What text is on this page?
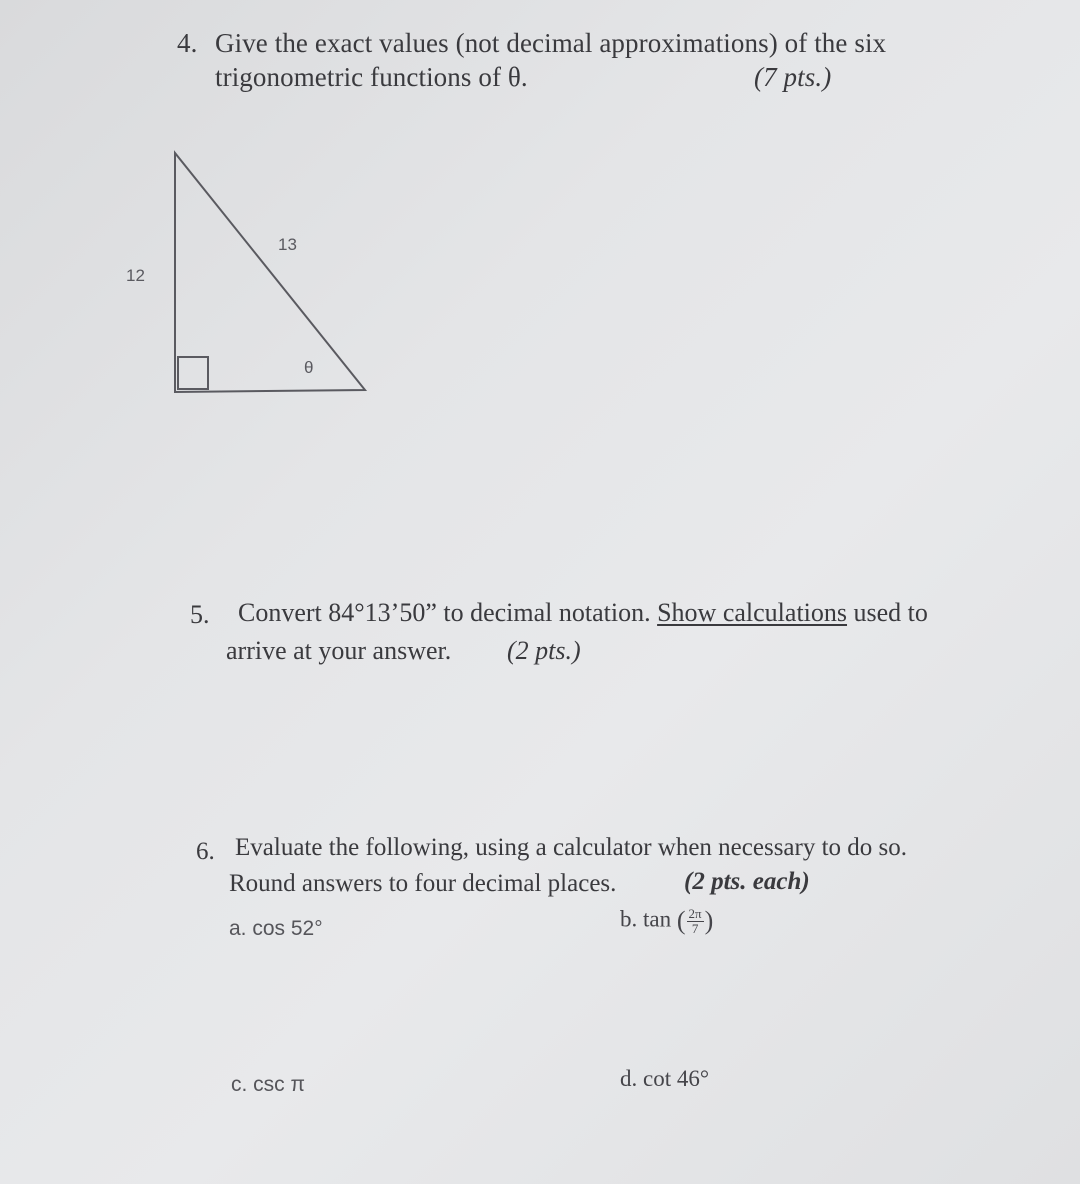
4. Give the exact values (not decimal approximations) of the six
trigonometric functions of θ.	(7 pts.)
12
13
θ
5. Convert 84°13’50” to decimal notation. Show calculations used to
arrive at your answer. (2 pts.)
6. Evaluate the following, using a calculator when necessary to do so.
Round answers to four decimal places.	(2 pts. each)
a. cos 52°	b. tan ( $\frac{2\pi}{7}$ )
c. csc π	d. cot 46°
